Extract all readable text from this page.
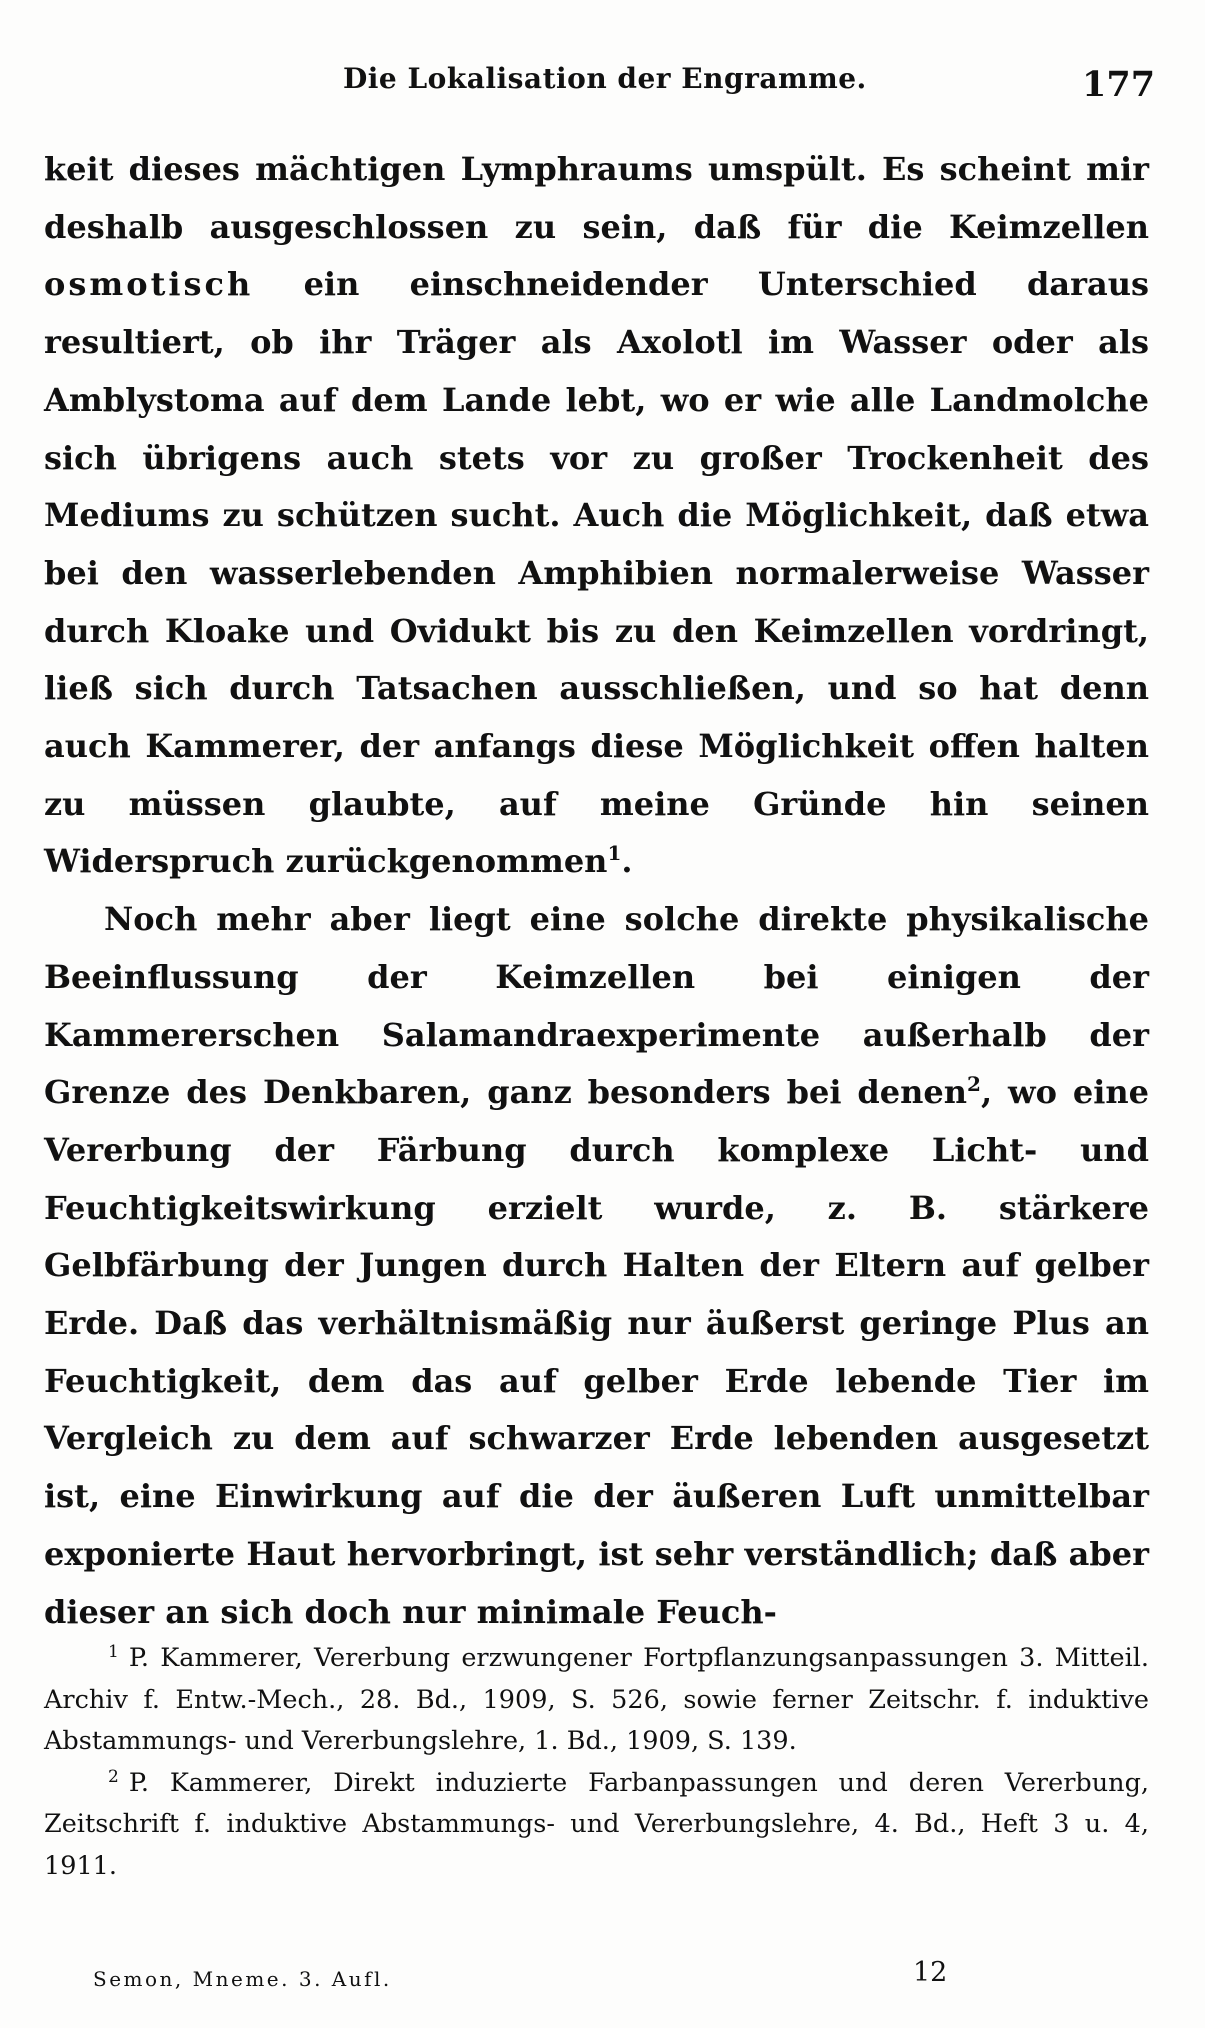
Die Lokalisation der Engramme.	177

keit dieses mächtigen Lymphraums umspült. Es scheint mir deshalb ausgeschlossen zu sein, daß für die Keimzellen osmotisch ein einschneidender Unterschied daraus resultiert, ob ihr Träger als Axolotl im Wasser oder als Amblystoma auf dem Lande lebt, wo er wie alle Landmolche sich übrigens auch stets vor zu großer Trockenheit des Mediums zu schützen sucht. Auch die Möglichkeit, daß etwa bei den wasserlebenden Amphibien normalerweise Wasser durch Kloake und Ovidukt bis zu den Keimzellen vordringt, ließ sich durch Tatsachen ausschließen, und so hat denn auch Kammerer, der anfangs diese Möglichkeit offen halten zu müssen glaubte, auf meine Gründe hin seinen Widerspruch zurückgenommen$^1$.

Noch mehr aber liegt eine solche direkte physikalische Beeinflussung der Keimzellen bei einigen der Kammererschen Salamandraexperimente außerhalb der Grenze des Denkbaren, ganz besonders bei denen$^2$, wo eine Vererbung der Färbung durch komplexe Licht- und Feuchtigkeitswirkung erzielt wurde, z. B. stärkere Gelbfärbung der Jungen durch Halten der Eltern auf gelber Erde. Daß das verhältnismäßig nur äußerst geringe Plus an Feuchtigkeit, dem das auf gelber Erde lebende Tier im Vergleich zu dem auf schwarzer Erde lebenden ausgesetzt ist, eine Einwirkung auf die der äußeren Luft unmittelbar exponierte Haut hervorbringt, ist sehr verständlich; daß aber dieser an sich doch nur minimale Feuch-

$^1$ P. Kammerer, Vererbung erzwungener Fortpflanzungsanpassungen 3. Mitteil. Archiv f. Entw.-Mech., 28. Bd., 1909, S. 526, sowie ferner Zeitschr. f. induktive Abstammungs- und Vererbungslehre, 1. Bd., 1909, S. 139.

$^2$ P. Kammerer, Direkt induzierte Farbanpassungen und deren Vererbung, Zeitschrift f. induktive Abstammungs- und Vererbungslehre, 4. Bd., Heft 3 u. 4, 1911.

Semon, Mneme. 3. Aufl.	12
